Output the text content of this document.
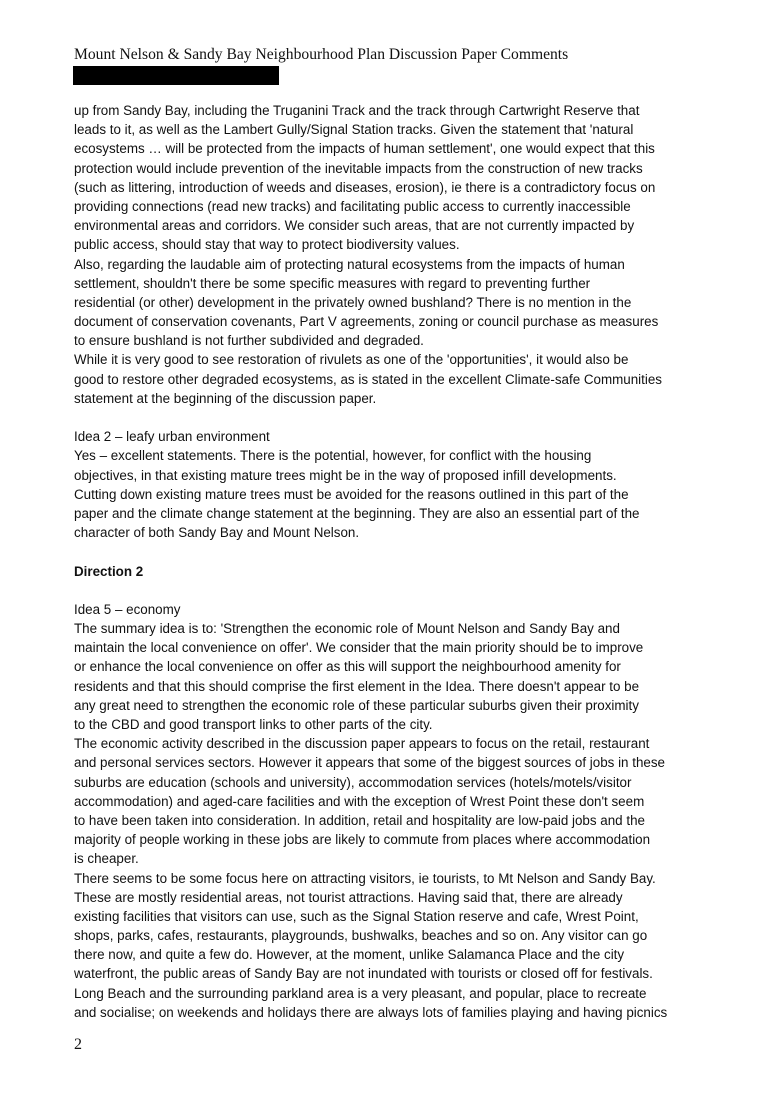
Mount Nelson & Sandy Bay Neighbourhood Plan Discussion Paper Comments
up from Sandy Bay, including the Truganini Track and the track through Cartwright Reserve that
leads to it, as well as the Lambert Gully/Signal Station tracks. Given the statement that 'natural
ecosystems … will be protected from the impacts of human settlement', one would expect that this
protection would include prevention of the inevitable impacts from the construction of new tracks
(such as littering, introduction of weeds and diseases, erosion), ie there is a contradictory focus on
providing connections (read new tracks) and facilitating public access to currently inaccessible
environmental areas and corridors. We consider such areas, that are not currently impacted by
public access, should stay that way to protect biodiversity values.
Also, regarding the laudable aim of protecting natural ecosystems from the impacts of human
settlement, shouldn't there be some specific measures with regard to preventing further
residential (or other) development in the privately owned bushland? There is no mention in the
document of conservation covenants, Part V agreements, zoning or council purchase as measures
to ensure bushland is not further subdivided and degraded.
While it is very good to see restoration of rivulets as one of the 'opportunities', it would also be
good to restore other degraded ecosystems, as is stated in the excellent Climate-safe Communities
statement at the beginning of the discussion paper.
Idea 2 – leafy urban environment
Yes – excellent statements. There is the potential, however, for conflict with the housing
objectives, in that existing mature trees might be in the way of proposed infill developments.
Cutting down existing mature trees must be avoided for the reasons outlined in this part of the
paper and the climate change statement at the beginning. They are also an essential part of the
character of both Sandy Bay and Mount Nelson.
Direction 2
Idea 5 – economy
The summary idea is to: 'Strengthen the economic role of Mount Nelson and Sandy Bay and
maintain the local convenience on offer'. We consider that the main priority should be to improve
or enhance the local convenience on offer as this will support the neighbourhood amenity for
residents and that this should comprise the first element in the Idea. There doesn't appear to be
any great need to strengthen the economic role of these particular suburbs given their proximity
to the CBD and good transport links to other parts of the city.
The economic activity described in the discussion paper appears to focus on the retail, restaurant
and personal services sectors. However it appears that some of the biggest sources of jobs in these
suburbs are education (schools and university), accommodation services (hotels/motels/visitor
accommodation) and aged-care facilities and with the exception of Wrest Point these don't seem
to have been taken into consideration. In addition, retail and hospitality are low-paid jobs and the
majority of people working in these jobs are likely to commute from places where accommodation
is cheaper.
There seems to be some focus here on attracting visitors, ie tourists, to Mt Nelson and Sandy Bay.
These are mostly residential areas, not tourist attractions. Having said that, there are already
existing facilities that visitors can use, such as the Signal Station reserve and cafe, Wrest Point,
shops, parks, cafes, restaurants, playgrounds, bushwalks, beaches and so on. Any visitor can go
there now, and quite a few do. However, at the moment, unlike Salamanca Place and the city
waterfront, the public areas of Sandy Bay are not inundated with tourists or closed off for festivals.
Long Beach and the surrounding parkland area is a very pleasant, and popular, place to recreate
and socialise; on weekends and holidays there are always lots of families playing and having picnics
2
